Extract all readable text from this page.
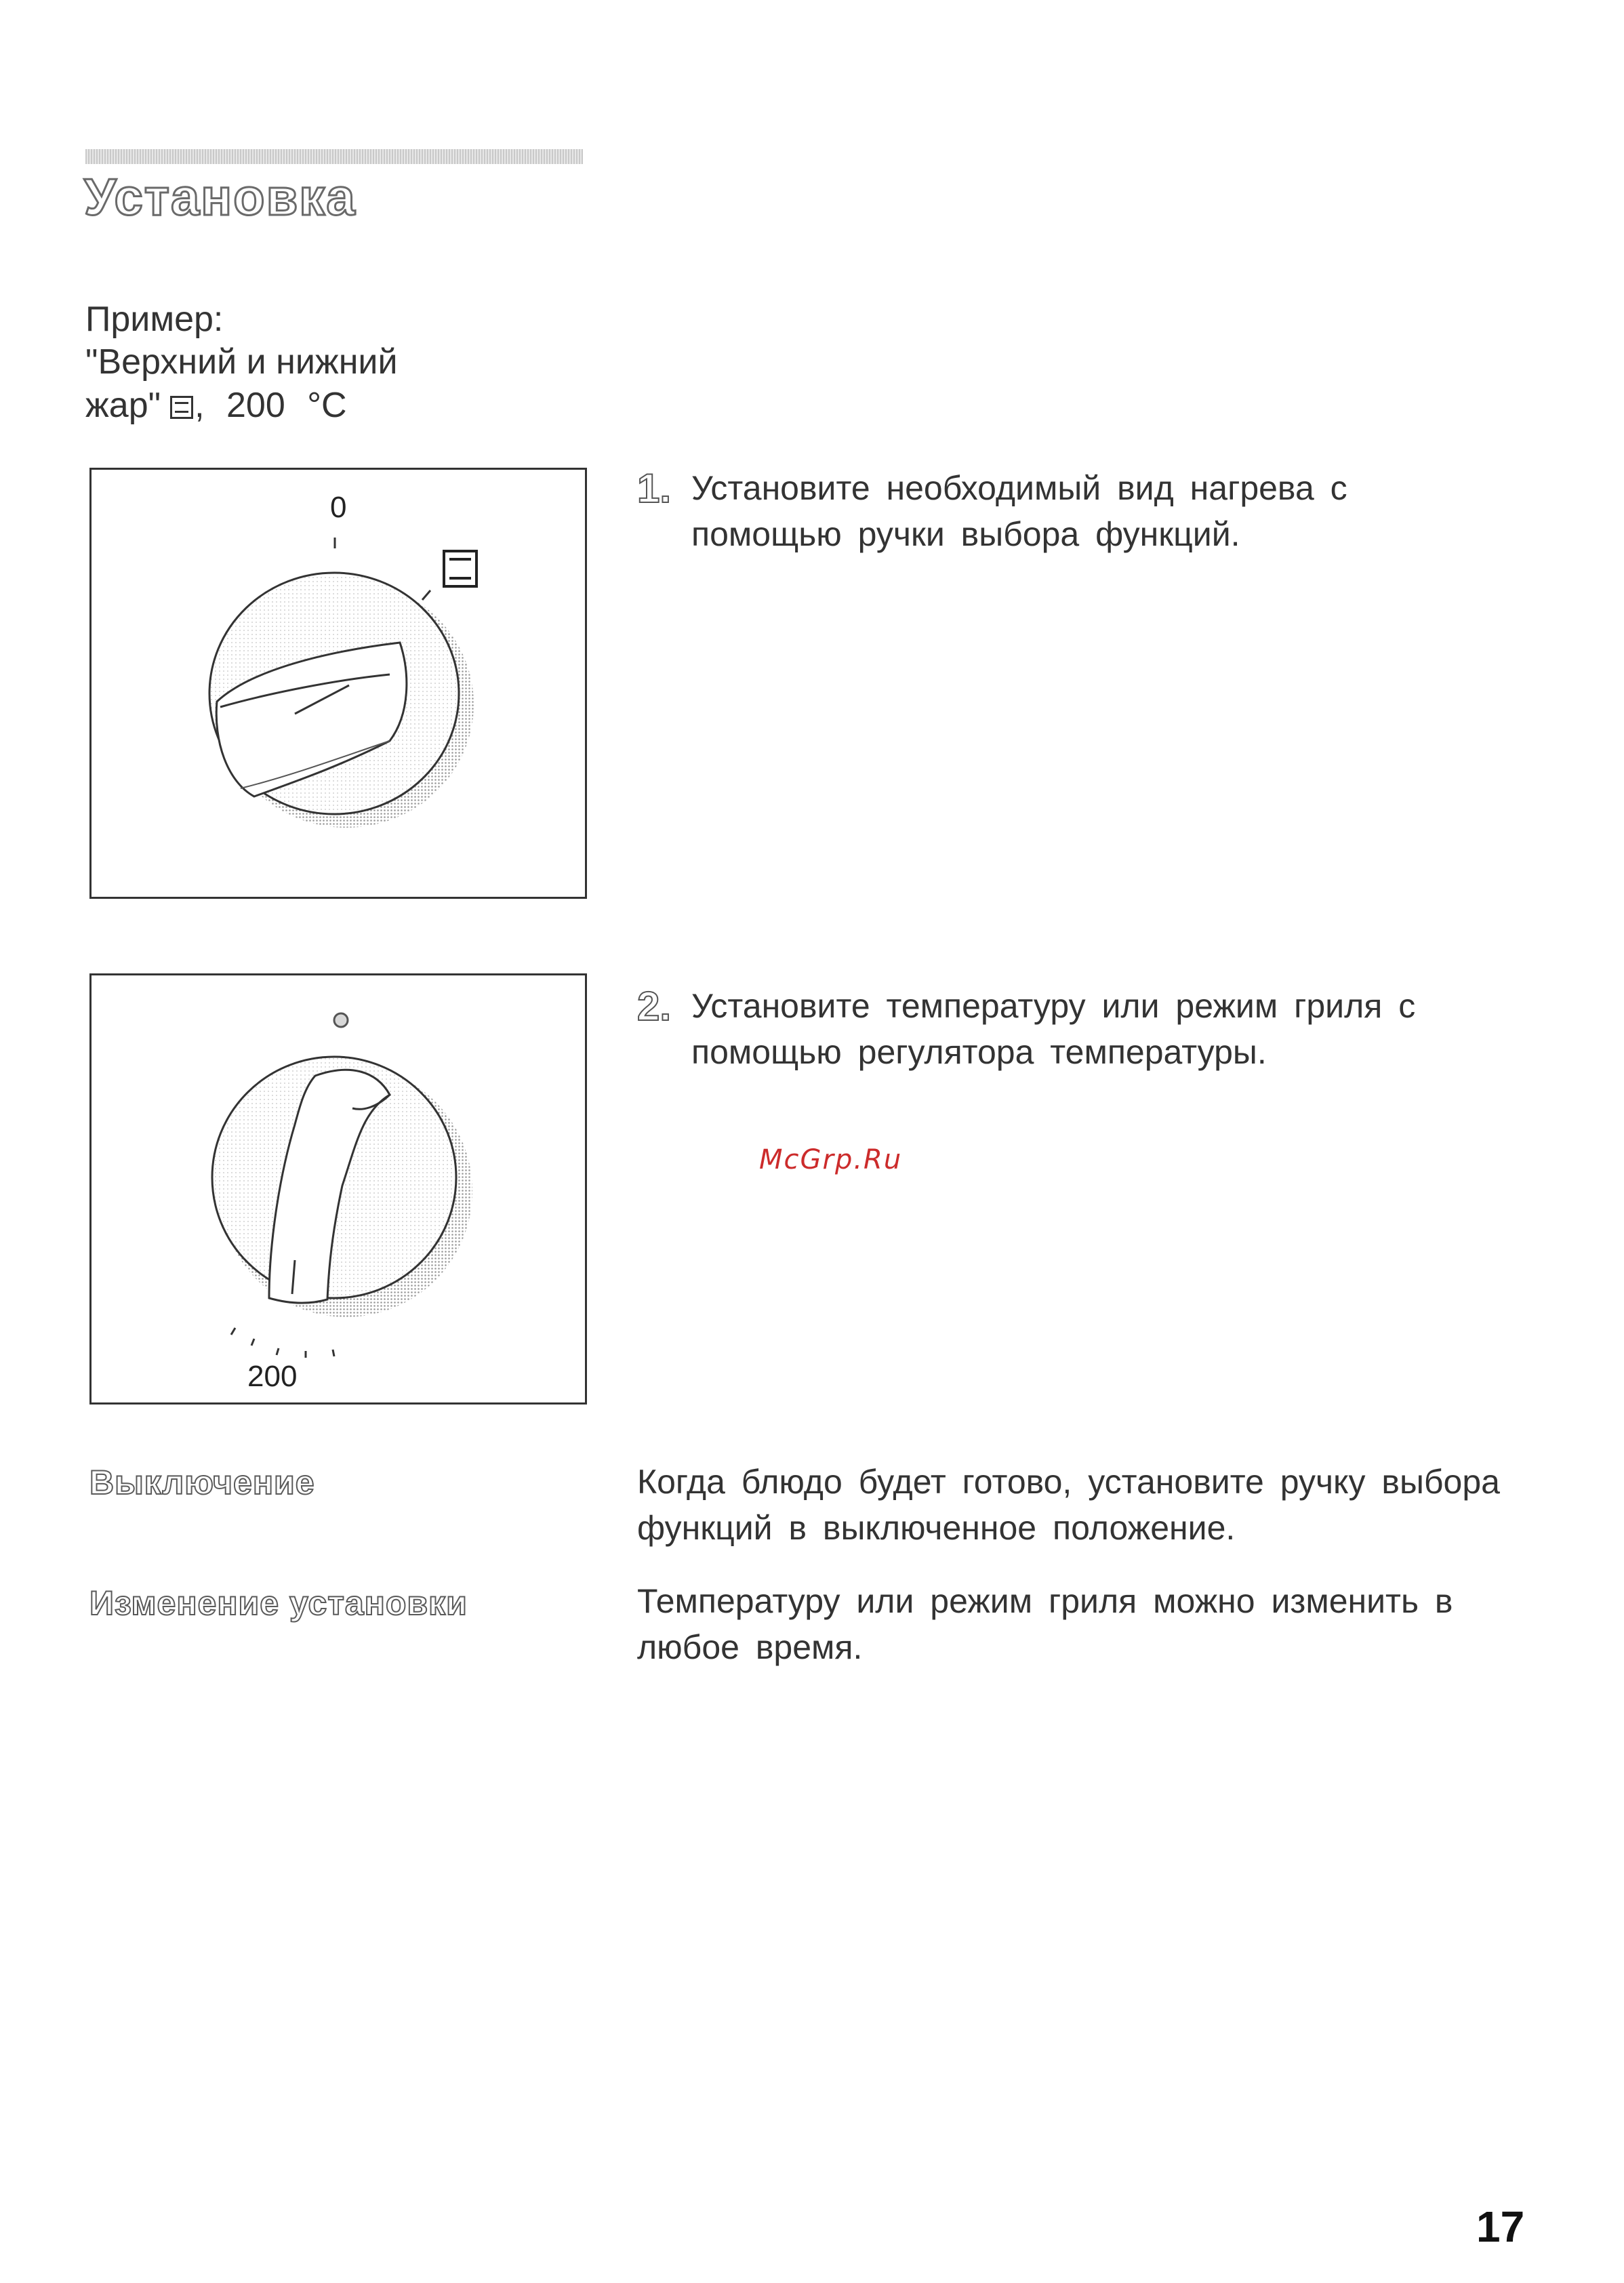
Установка
Пример:
"Верхний и нижний
жар" , 200 °C
0
200
1. Установите необходимый вид нагрева с помощью ручки выбора функций.
2. Установите температуру или режим гриля с помощью регулятора температуры.
McGrp.Ru
Выключение	Когда блюдо будет готово, установите ручку выбора функций в выключенное положение.
Изменение установки	Температуру или режим гриля можно изменить в любое время.
17
